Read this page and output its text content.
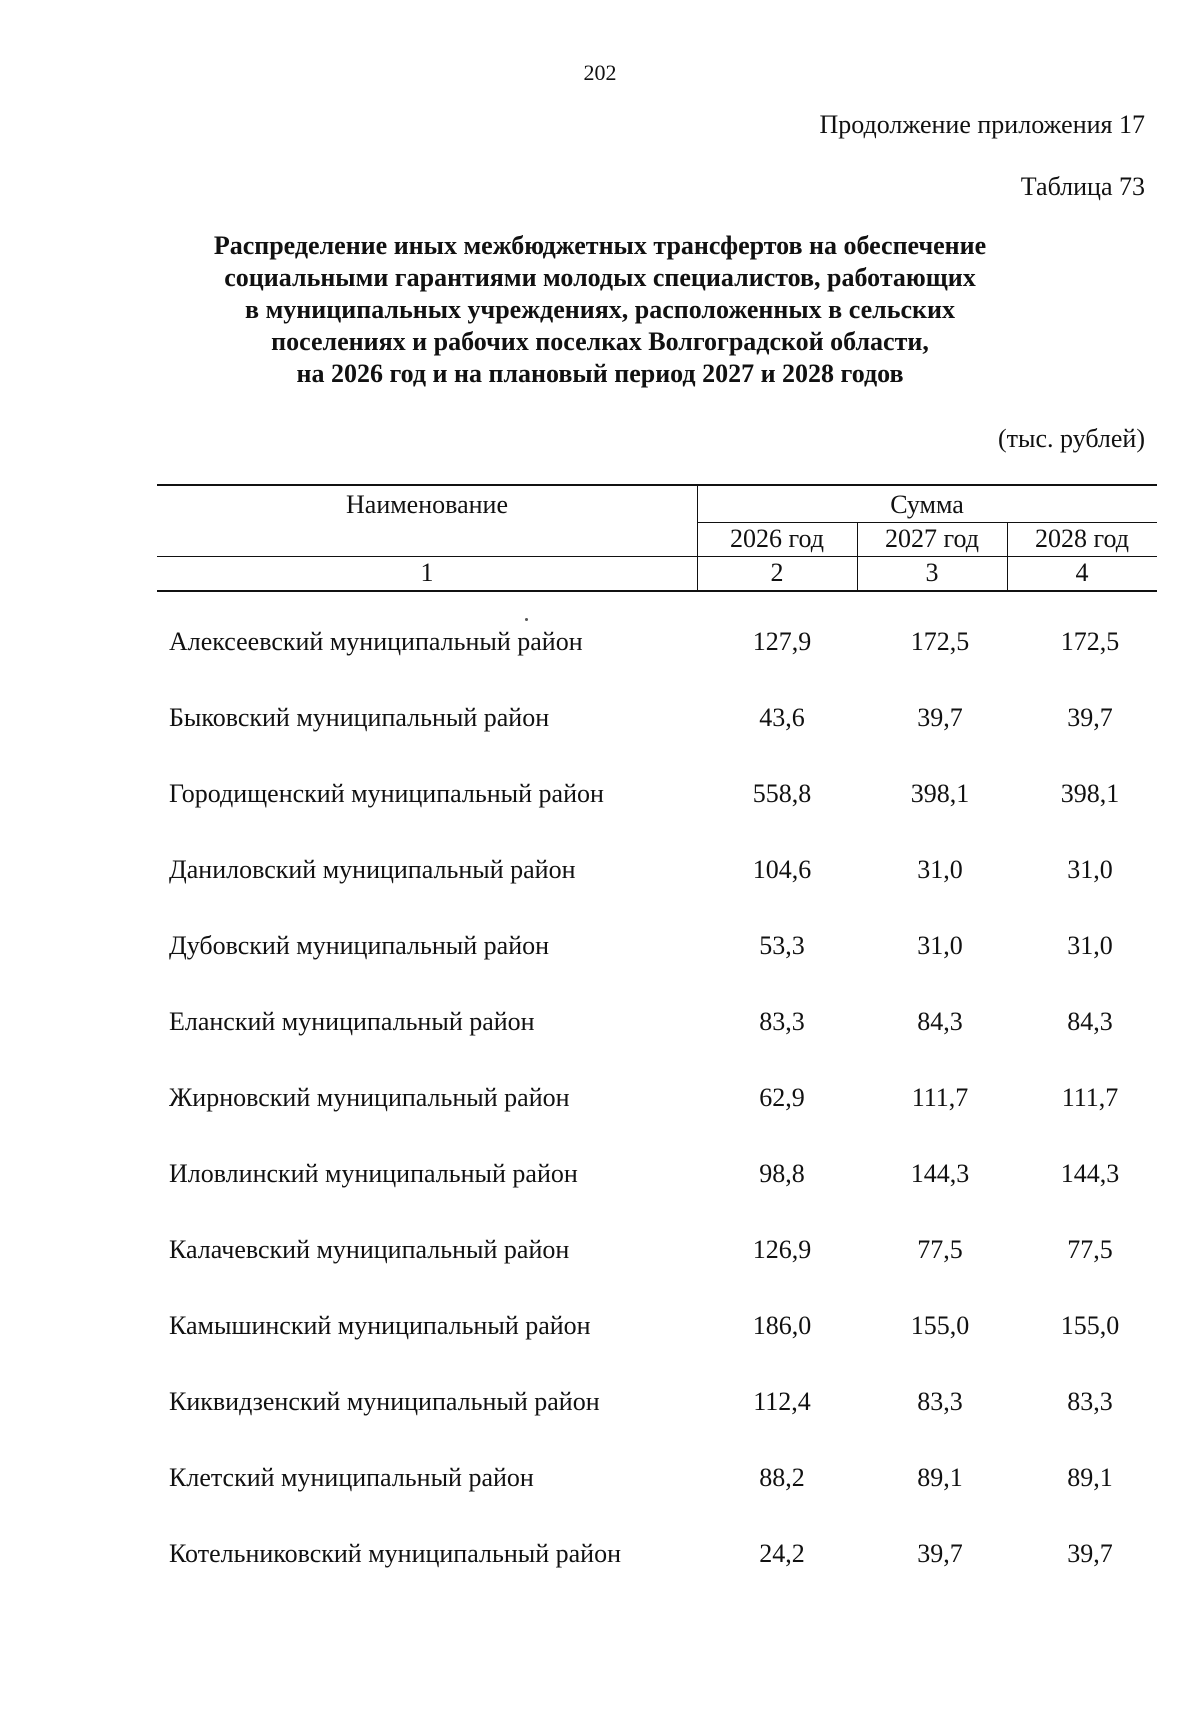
202
Продолжение приложения 17
Таблица 73
Распределение иных межбюджетных трансфертов на обеспечение
социальными гарантиями молодых специалистов, работающих
в муниципальных учреждениях, расположенных в сельских
поселениях и рабочих поселках Волгоградской области,
на 2026 год и на плановый период 2027 и 2028 годов
(тыс. рублей)
Наименование	Сумма
2026 год	2027 год	2028 год
1	2	3	4
Алексеевский муниципальный район	127,9	172,5	172,5
Быковский муниципальный район	43,6	39,7	39,7
Городищенский муниципальный район	558,8	398,1	398,1
Даниловский муниципальный район	104,6	31,0	31,0
Дубовский муниципальный район	53,3	31,0	31,0
Еланский муниципальный район	83,3	84,3	84,3
Жирновский муниципальный район	62,9	111,7	111,7
Иловлинский муниципальный район	98,8	144,3	144,3
Калачевский муниципальный район	126,9	77,5	77,5
Камышинский муниципальный район	186,0	155,0	155,0
Киквидзенский муниципальный район	112,4	83,3	83,3
Клетский муниципальный район	88,2	89,1	89,1
Котельниковский муниципальный район	24,2	39,7	39,7
